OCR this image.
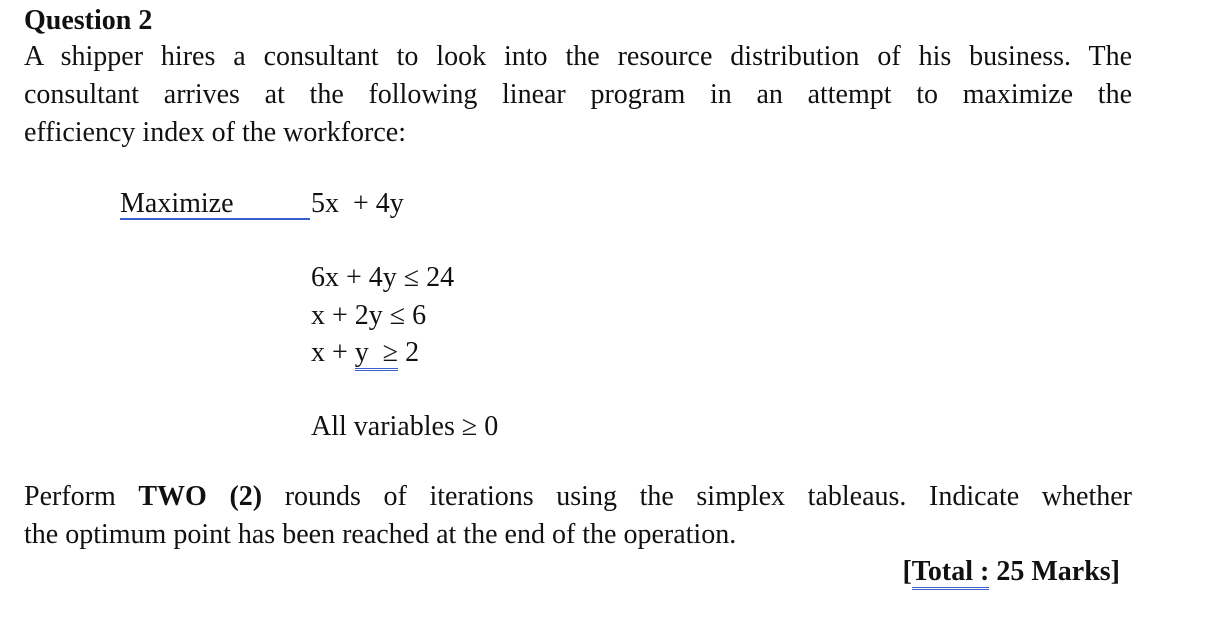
Question 2
A shipper hires a consultant to look into the resource distribution of his business. The
consultant arrives at the following linear program in an attempt to maximize the
efficiency index of the workforce:
Maximize	5x  + 4y
6x + 4y ≤ 24
x + 2y ≤ 6
x + y  ≥ 2
All variables ≥ 0
Perform TWO (2) rounds of iterations using the simplex tableaus. Indicate whether
the optimum point has been reached at the end of the operation.
[Total : 25 Marks]
